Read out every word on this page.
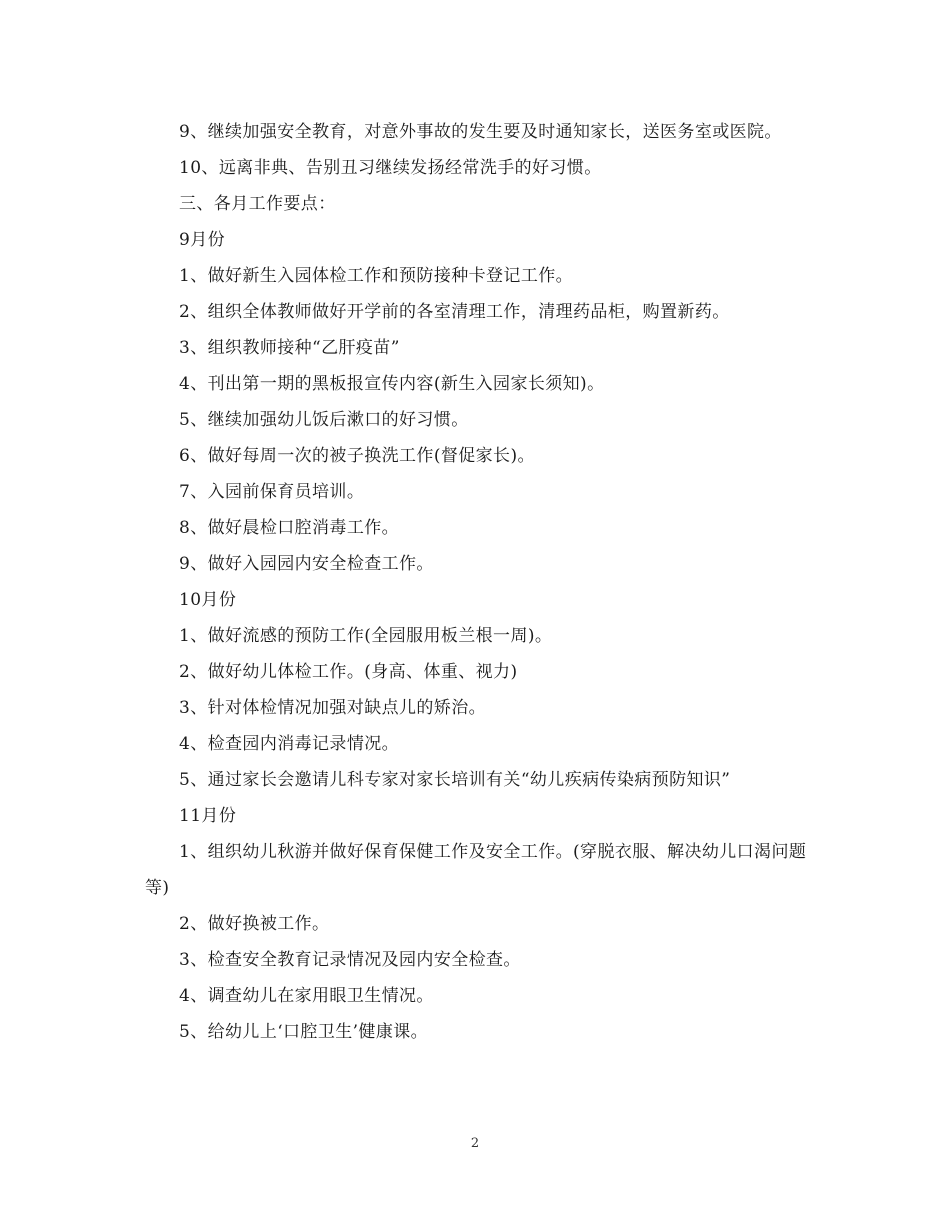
9、继续加强安全教育，对意外事故的发生要及时通知家长，送医务室或医院。

10、远离非典、告别丑习继续发扬经常洗手的好习惯。

三、各月工作要点：

9月份

1、做好新生入园体检工作和预防接种卡登记工作。

2、组织全体教师做好开学前的各室清理工作，清理药品柜，购置新药。

3、组织教师接种“乙肝疫苗”

4、刊出第一期的黑板报宣传内容(新生入园家长须知)。

5、继续加强幼儿饭后漱口的好习惯。

6、做好每周一次的被子换洗工作(督促家长)。

7、入园前保育员培训。

8、做好晨检口腔消毒工作。

9、做好入园园内安全检查工作。

10月份

1、做好流感的预防工作(全园服用板兰根一周)。

2、做好幼儿体检工作。(身高、体重、视力)

3、针对体检情况加强对缺点儿的矫治。

4、检查园内消毒记录情况。

5、通过家长会邀请儿科专家对家长培训有关“幼儿疾病传染病预防知识”

11月份

1、组织幼儿秋游并做好保育保健工作及安全工作。(穿脱衣服、解决幼儿口渴问题等)

2、做好换被工作。

3、检查安全教育记录情况及园内安全检查。

4、调查幼儿在家用眼卫生情况。

5、给幼儿上‘口腔卫生’健康课。

2
